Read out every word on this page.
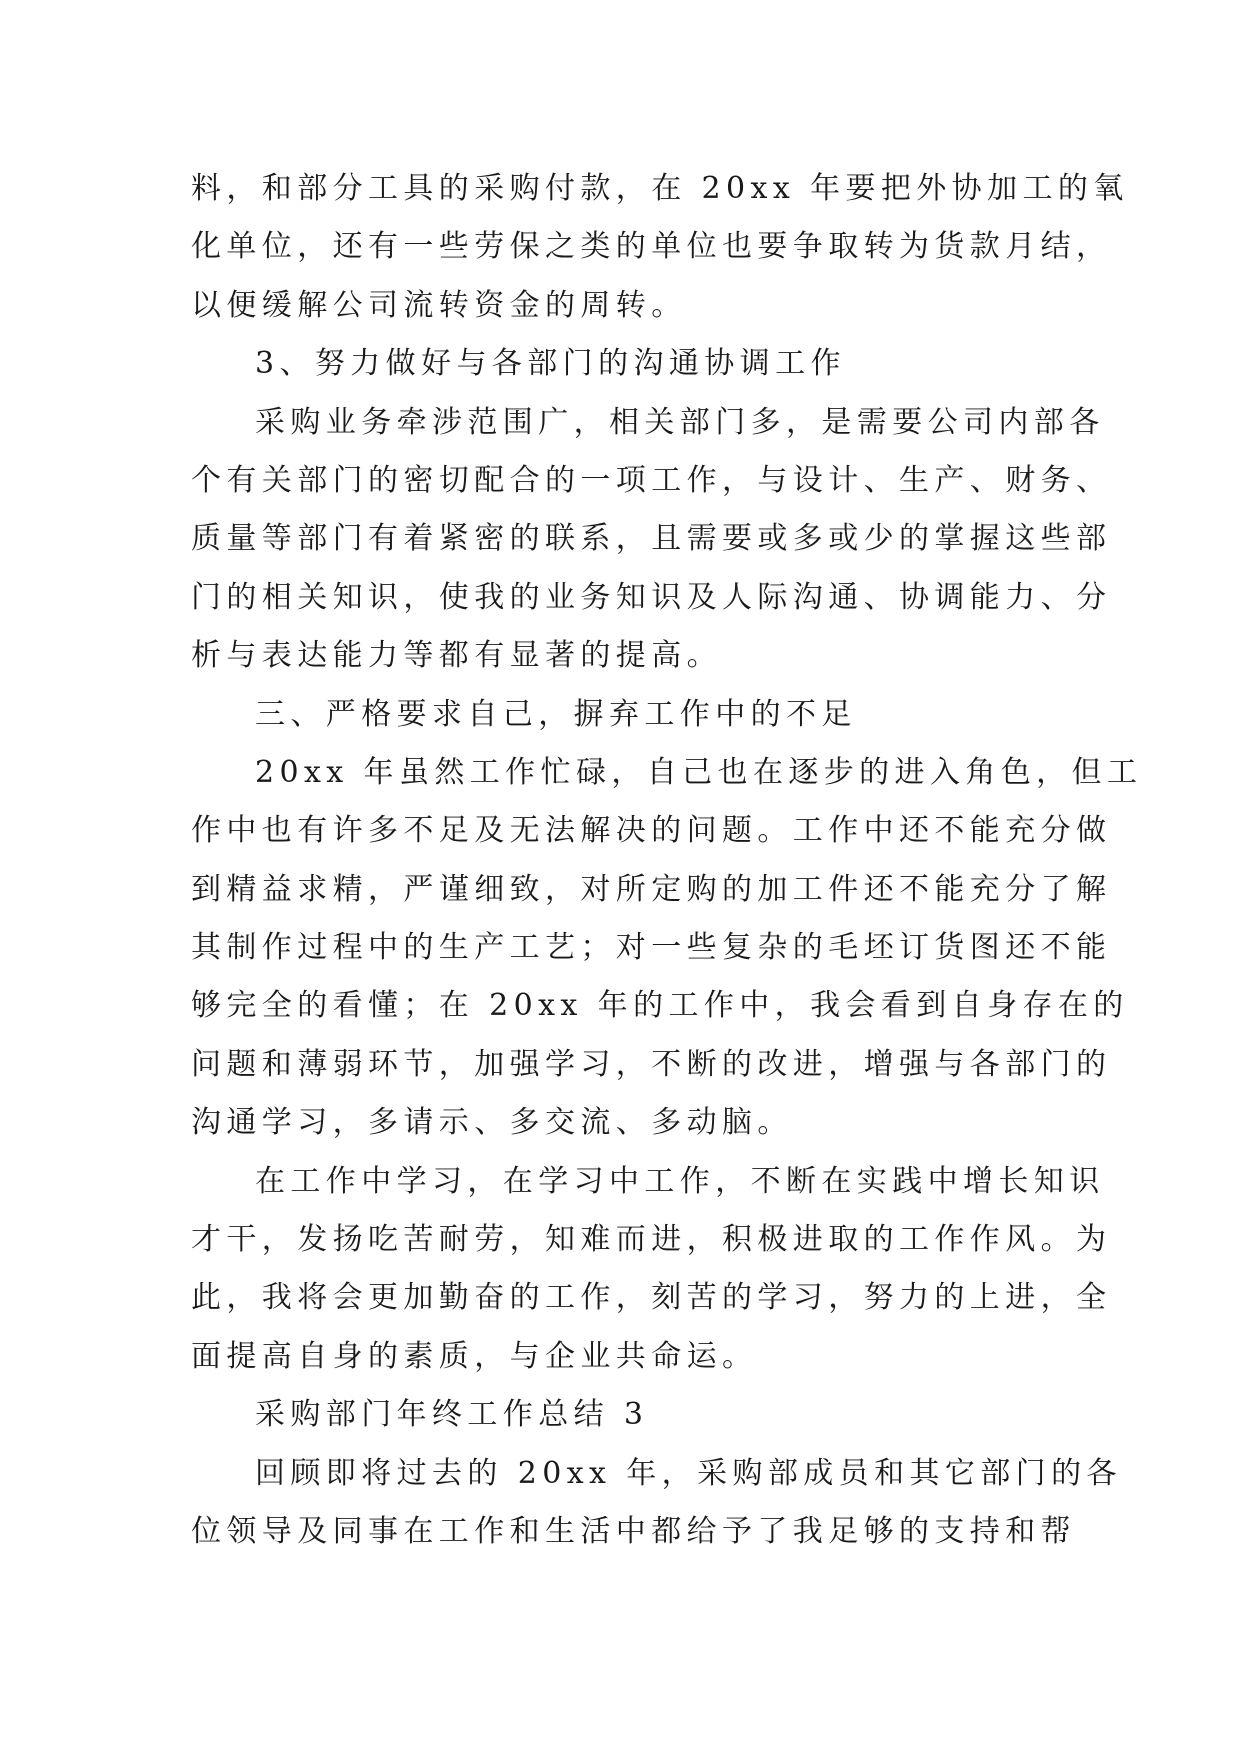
料，和部分工具的采购付款，在 20xx 年要把外协加工的氧
化单位，还有一些劳保之类的单位也要争取转为货款月结，
以便缓解公司流转资金的周转。
3、努力做好与各部门的沟通协调工作
采购业务牵涉范围广，相关部门多，是需要公司内部各
个有关部门的密切配合的一项工作，与设计、生产、财务、
质量等部门有着紧密的联系，且需要或多或少的掌握这些部
门的相关知识，使我的业务知识及人际沟通、协调能力、分
析与表达能力等都有显著的提高。
三、严格要求自己，摒弃工作中的不足
20xx 年虽然工作忙碌，自己也在逐步的进入角色，但工
作中也有许多不足及无法解决的问题。工作中还不能充分做
到精益求精，严谨细致，对所定购的加工件还不能充分了解
其制作过程中的生产工艺；对一些复杂的毛坯订货图还不能
够完全的看懂；在 20xx 年的工作中，我会看到自身存在的
问题和薄弱环节，加强学习，不断的改进，增强与各部门的
沟通学习，多请示、多交流、多动脑。
在工作中学习，在学习中工作，不断在实践中增长知识
才干，发扬吃苦耐劳，知难而进，积极进取的工作作风。为
此，我将会更加勤奋的工作，刻苦的学习，努力的上进，全
面提高自身的素质，与企业共命运。
采购部门年终工作总结 3
回顾即将过去的 20xx 年，采购部成员和其它部门的各
位领导及同事在工作和生活中都给予了我足够的支持和帮
